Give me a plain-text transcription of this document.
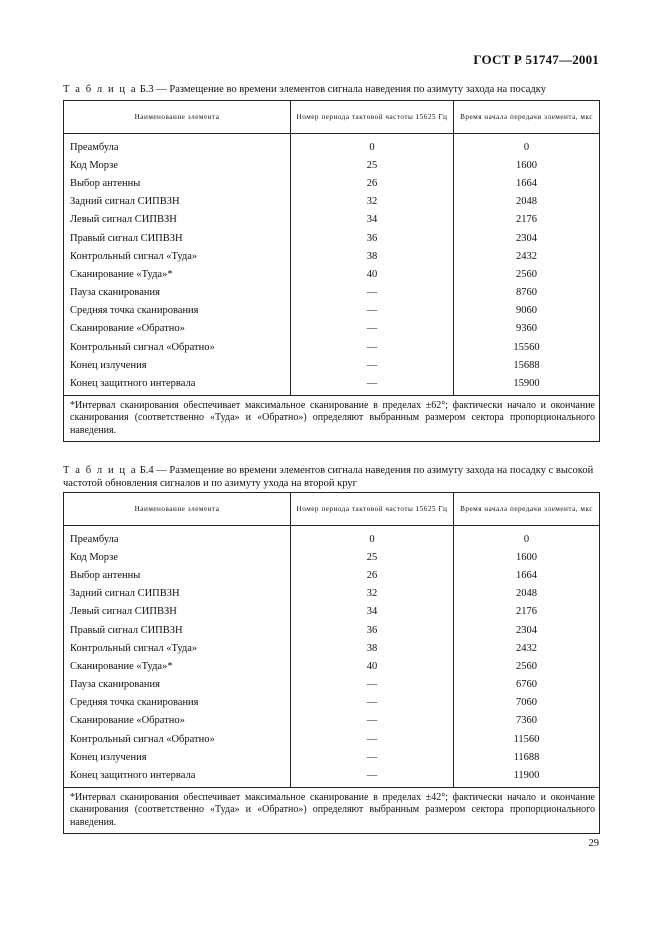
ГОСТ Р 51747—2001
Т а б л и ц а Б.3 — Размещение во времени элементов сигнала наведения по азимуту захода на посадку
Наименование элемента	Номер периода тактовой частоты 15625 Гц	Время начала передачи элемента, мкс
Преамбула	0	0
Код Морзе	25	1600
Выбор антенны	26	1664
Задний сигнал СИПВЗН	32	2048
Левый сигнал СИПВЗН	34	2176
Правый сигнал СИПВЗН	36	2304
Контрольный сигнал «Туда»	38	2432
Сканирование «Туда»*	40	2560
Пауза сканирования	—	8760
Средняя точка сканирования	—	9060
Сканирование «Обратно»	—	9360
Контрольный сигнал «Обратно»	—	15560
Конец излучения	—	15688
Конец защитного интервала	—	15900
*Интервал сканирования обеспечивает максимальное сканирование в пределах ±62°; фактически начало и окончание сканирования (соответственно «Туда» и «Обратно») определяют выбранным размером сектора пропорционального наведения.		
Т а б л и ц а Б.4 — Размещение во времени элементов сигнала наведения по азимуту захода на посадку с высокой частотой обновления сигналов и по азимуту ухода на второй круг
Наименование элемента	Номер периода тактовой частоты 15625 Гц	Время начала передачи элемента, мкс
Преамбула	0	0
Код Морзе	25	1600
Выбор антенны	26	1664
Задний сигнал СИПВЗН	32	2048
Левый сигнал СИПВЗН	34	2176
Правый сигнал СИПВЗН	36	2304
Контрольный сигнал «Туда»	38	2432
Сканирование «Туда»*	40	2560
Пауза сканирования	—	6760
Средняя точка сканирования	—	7060
Сканирование «Обратно»	—	7360
Контрольный сигнал «Обратно»	—	11560
Конец излучения	—	11688
Конец защитного интервала	—	11900
*Интервал сканирования обеспечивает максимальное сканирование в пределах ±42°; фактически начало и окончание сканирования (соответственно «Туда» и «Обратно») определяют выбранным размером сектора пропорционального наведения.		
29
